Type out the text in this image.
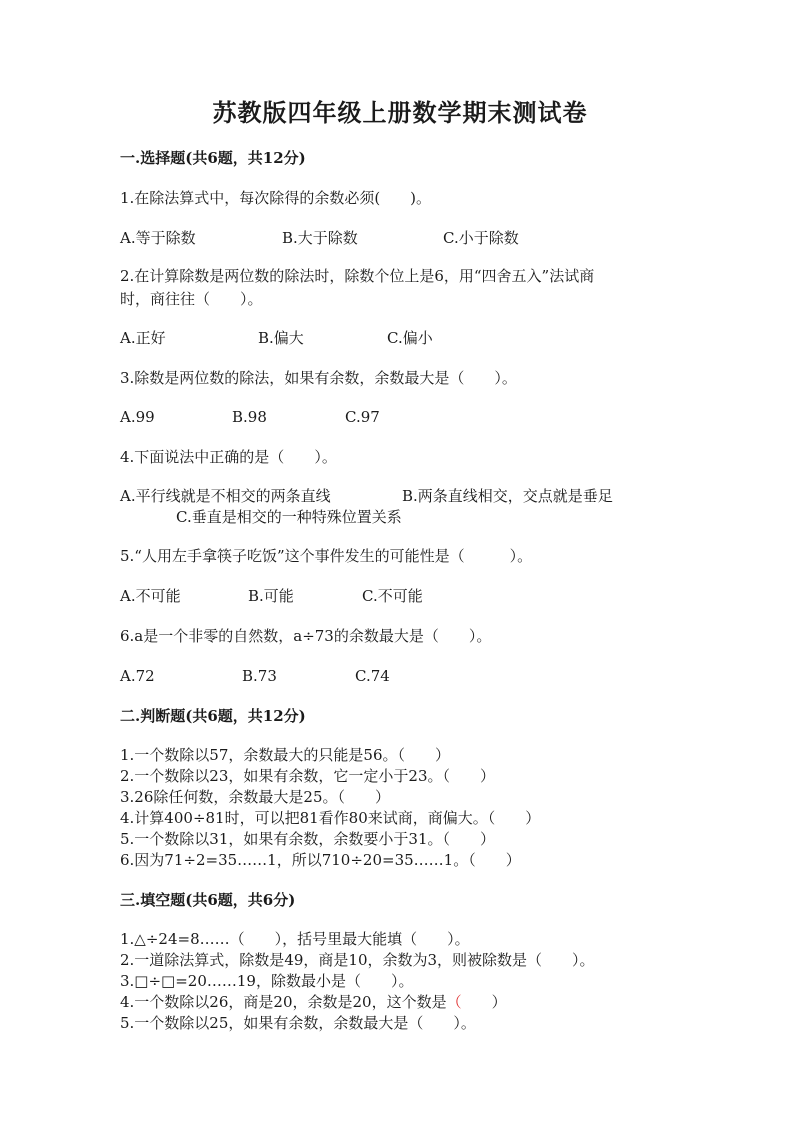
苏教版四年级上册数学期末测试卷
一.选择题(共6题，共12分)
1.在除法算式中，每次除得的余数必须(　　)。
A.等于除数	B.大于除数	C.小于除数
2.在计算除数是两位数的除法时，除数个位上是6，用“四舍五入”法试商
时，商往往（　　）。
A.正好	B.偏大	C.偏小
3.除数是两位数的除法，如果有余数，余数最大是（　　）。
A.99	B.98	C.97
4.下面说法中正确的是（　　）。
A.平行线就是不相交的两条直线	B.两条直线相交，交点就是垂足
C.垂直是相交的一种特殊位置关系
5.“人用左手拿筷子吃饭”这个事件发生的可能性是（　　　）。
A.不可能	B.可能	C.不可能
6.a是一个非零的自然数，a÷73的余数最大是（　　）。
A.72	B.73	C.74
二.判断题(共6题，共12分)
1.一个数除以57，余数最大的只能是56。（　　）
2.一个数除以23，如果有余数，它一定小于23。（　　）
3.26除任何数，余数最大是25。（　　）
4.计算400÷81时，可以把81看作80来试商，商偏大。（　　）
5.一个数除以31，如果有余数，余数要小于31。（　　）
6.因为71÷2=35……1，所以710÷20=35……1。（　　）
三.填空题(共6题，共6分)
1.△÷24=8……（　　），括号里最大能填（　　）。
2.一道除法算式，除数是49，商是10，余数为3，则被除数是（　　）。
3.□÷□=20……19，除数最小是（　　）。
4.一个数除以26，商是20，余数是20，这个数是（　　）
5.一个数除以25，如果有余数，余数最大是（　　）。
